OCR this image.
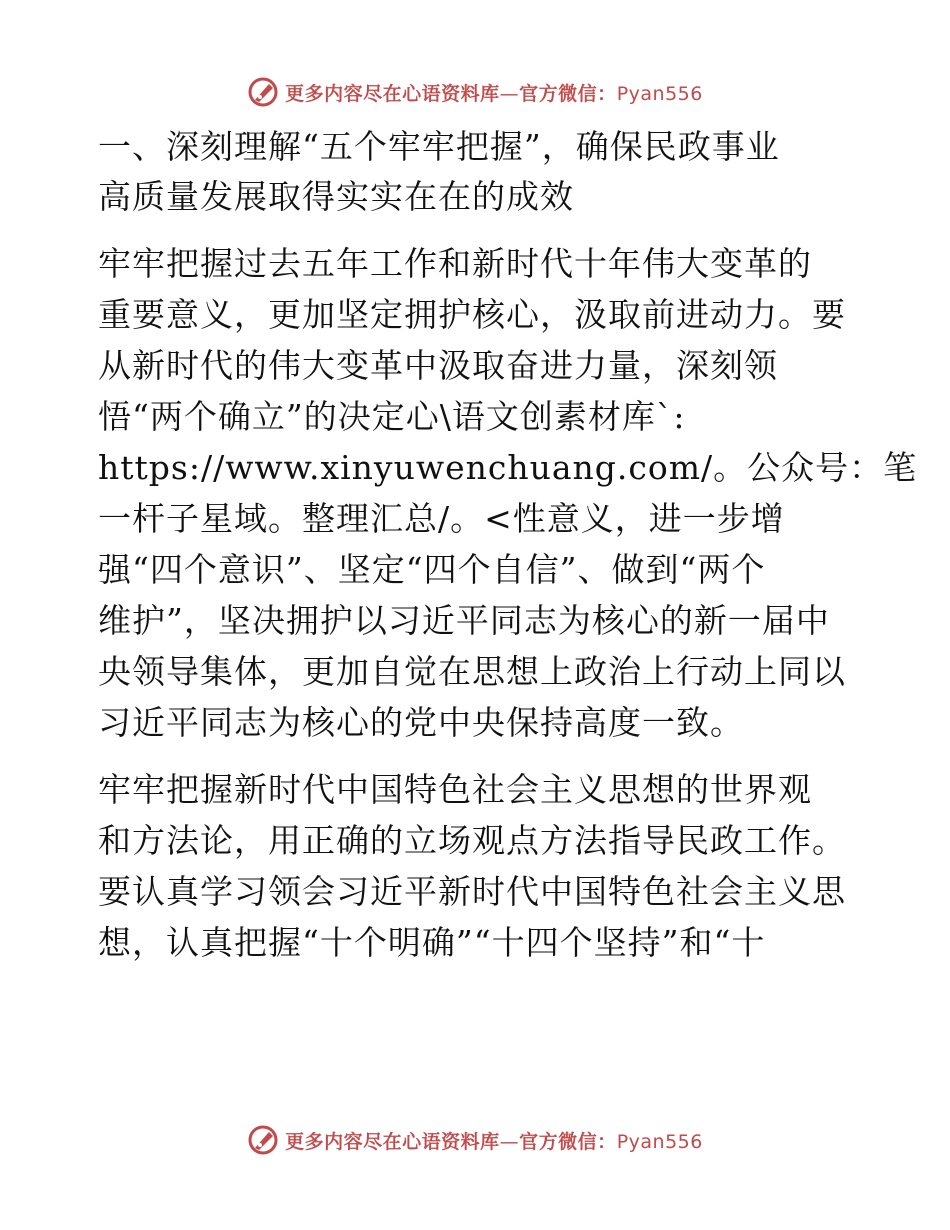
更多内容尽在心语资料库—官方微信：Pyan556
一、深刻理解“五个牢牢把握”，确保民政事业
高质量发展取得实实在在的成效
牢牢把握过去五年工作和新时代十年伟大变革的
重要意义，更加坚定拥护核心，汲取前进动力。要
从新时代的伟大变革中汲取奋进力量，深刻领
悟“两个确立”的决定心\语文创素材库`:
https://www.xinyuwenchuang.com/。公众号：笔
一杆子星域。整理汇总/。<性意义，进一步增
强“四个意识”、坚定“四个自信”、做到“两个
维护”，坚决拥护以习近平同志为核心的新一届中
央领导集体，更加自觉在思想上政治上行动上同以
习近平同志为核心的党中央保持高度一致。
牢牢把握新时代中国特色社会主义思想的世界观
和方法论，用正确的立场观点方法指导民政工作。
要认真学习领会习近平新时代中国特色社会主义思
想，认真把握“十个明确”“十四个坚持”和“十
更多内容尽在心语资料库—官方微信：Pyan556
